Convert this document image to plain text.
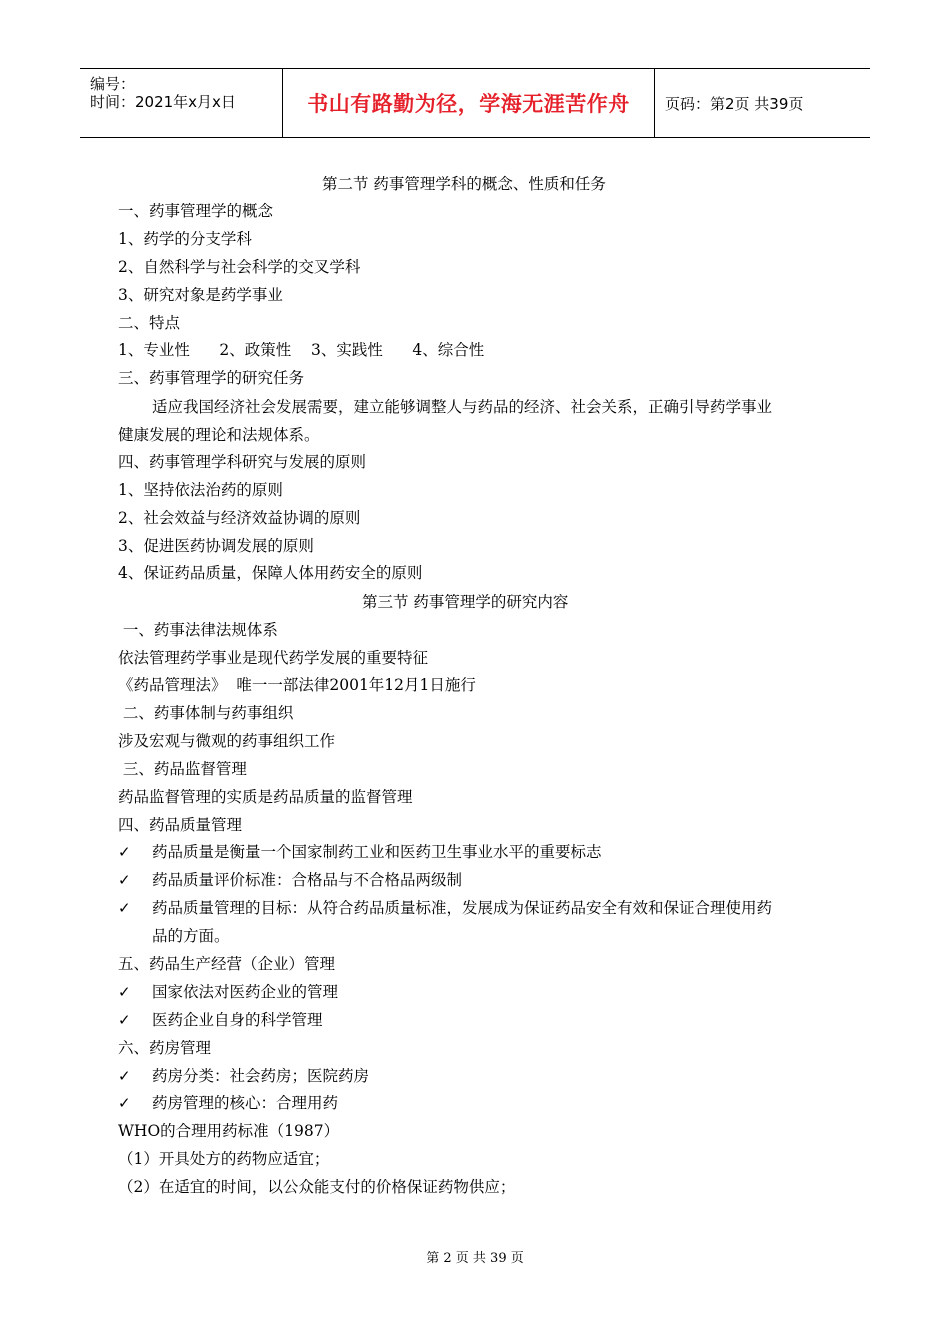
编号：
时间：2021年x月x日	书山有路勤为径，学海无涯苦作舟 页码：第2页 共39页
第二节 药事管理学科的概念、性质和任务
一、药事管理学的概念
1、药学的分支学科
2、自然科学与社会科学的交叉学科
3、研究对象是药学事业
二、特点
1、专业性      2、政策性    3、实践性      4、综合性
三、药事管理学的研究任务
适应我国经济社会发展需要，建立能够调整人与药品的经济、社会关系，正确引导药学事业
健康发展的理论和法规体系。
四、药事管理学科研究与发展的原则
1、坚持依法治药的原则
2、社会效益与经济效益协调的原则
3、促进医药协调发展的原则
4、保证药品质量，保障人体用药安全的原则
第三节 药事管理学的研究内容
一、药事法律法规体系
依法管理药学事业是现代药学发展的重要特征
《药品管理法》  唯一一部法律2001年12月1日施行
二、药事体制与药事组织
涉及宏观与微观的药事组织工作
三、药品监督管理
药品监督管理的实质是药品质量的监督管理
四、药品质量管理
✓ 药品质量是衡量一个国家制药工业和医药卫生事业水平的重要标志
✓ 药品质量评价标准：合格品与不合格品两级制
✓ 药品质量管理的目标：从符合药品质量标准，发展成为保证药品安全有效和保证合理使用药
品的方面。
五、药品生产经营（企业）管理
✓ 国家依法对医药企业的管理
✓ 医药企业自身的科学管理
六、药房管理
✓ 药房分类：社会药房；医院药房
✓ 药房管理的核心：合理用药
WHO的合理用药标准（1987）
（1）开具处方的药物应适宜；
（2）在适宜的时间，以公众能支付的价格保证药物供应；
第 2 页 共 39 页
